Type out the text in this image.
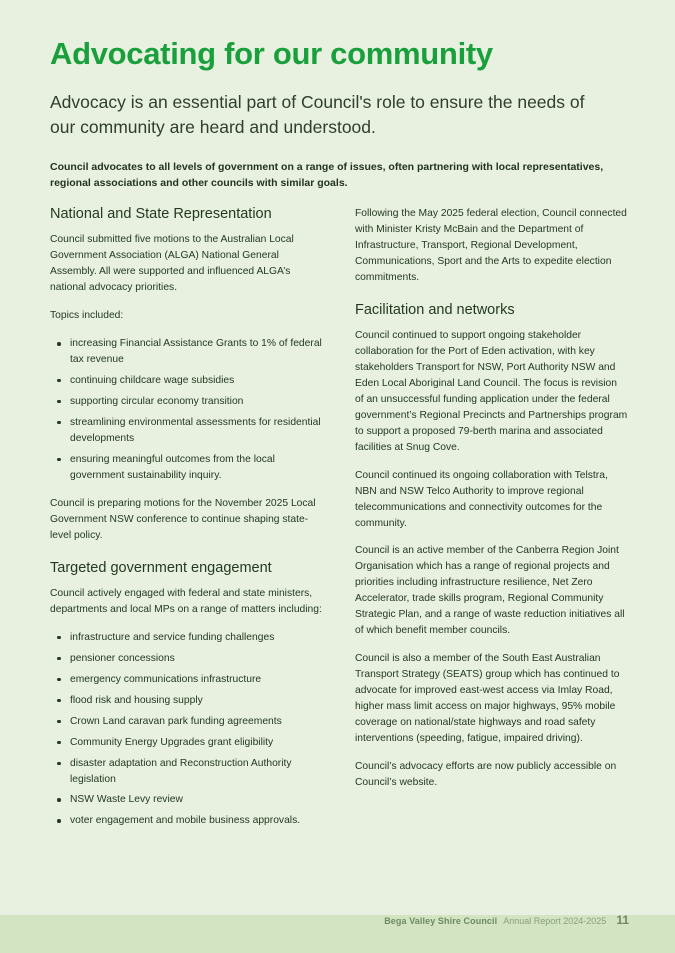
Advocating for our community

Advocacy is an essential part of Council's role to ensure the needs of our community are heard and understood.

Council advocates to all levels of government on a range of issues, often partnering with local representatives, regional associations and other councils with similar goals.

National and State Representation

Council submitted five motions to the Australian Local Government Association (ALGA) National General Assembly. All were supported and influenced ALGA’s national advocacy priorities.

Topics included:

increasing Financial Assistance Grants to 1% of federal tax revenue
continuing childcare wage subsidies
supporting circular economy transition
streamlining environmental assessments for residential developments
ensuring meaningful outcomes from the local government sustainability inquiry.

Council is preparing motions for the November 2025 Local Government NSW conference to continue shaping state-level policy.

Targeted government engagement

Council actively engaged with federal and state ministers, departments and local MPs on a range of matters including:

infrastructure and service funding challenges
pensioner concessions
emergency communications infrastructure
flood risk and housing supply
Crown Land caravan park funding agreements
Community Energy Upgrades grant eligibility
disaster adaptation and Reconstruction Authority legislation
NSW Waste Levy review
voter engagement and mobile business approvals.

Following the May 2025 federal election, Council connected with Minister Kristy McBain and the Department of Infrastructure, Transport, Regional Development, Communications, Sport and the Arts to expedite election commitments.

Facilitation and networks

Council continued to support ongoing stakeholder collaboration for the Port of Eden activation, with key stakeholders Transport for NSW, Port Authority NSW and Eden Local Aboriginal Land Council. The focus is revision of an unsuccessful funding application under the federal government’s Regional Precincts and Partnerships program to support a proposed 79-berth marina and associated facilities at Snug Cove.

Council continued its ongoing collaboration with Telstra, NBN and NSW Telco Authority to improve regional telecommunications and connectivity outcomes for the community.

Council is an active member of the Canberra Region Joint Organisation which has a range of regional projects and priorities including infrastructure resilience, Net Zero Accelerator, trade skills program, Regional Community Strategic Plan, and a range of waste reduction initiatives all of which benefit member councils.

Council is also a member of the South East Australian Transport Strategy (SEATS) group which has continued to advocate for improved east-west access via Imlay Road, higher mass limit access on major highways, 95% mobile coverage on national/state highways and road safety interventions (speeding, fatigue, impaired driving).

Council’s advocacy efforts are now publicly accessible on Council’s website.

Bega Valley Shire Council Annual Report 2024-2025 11
